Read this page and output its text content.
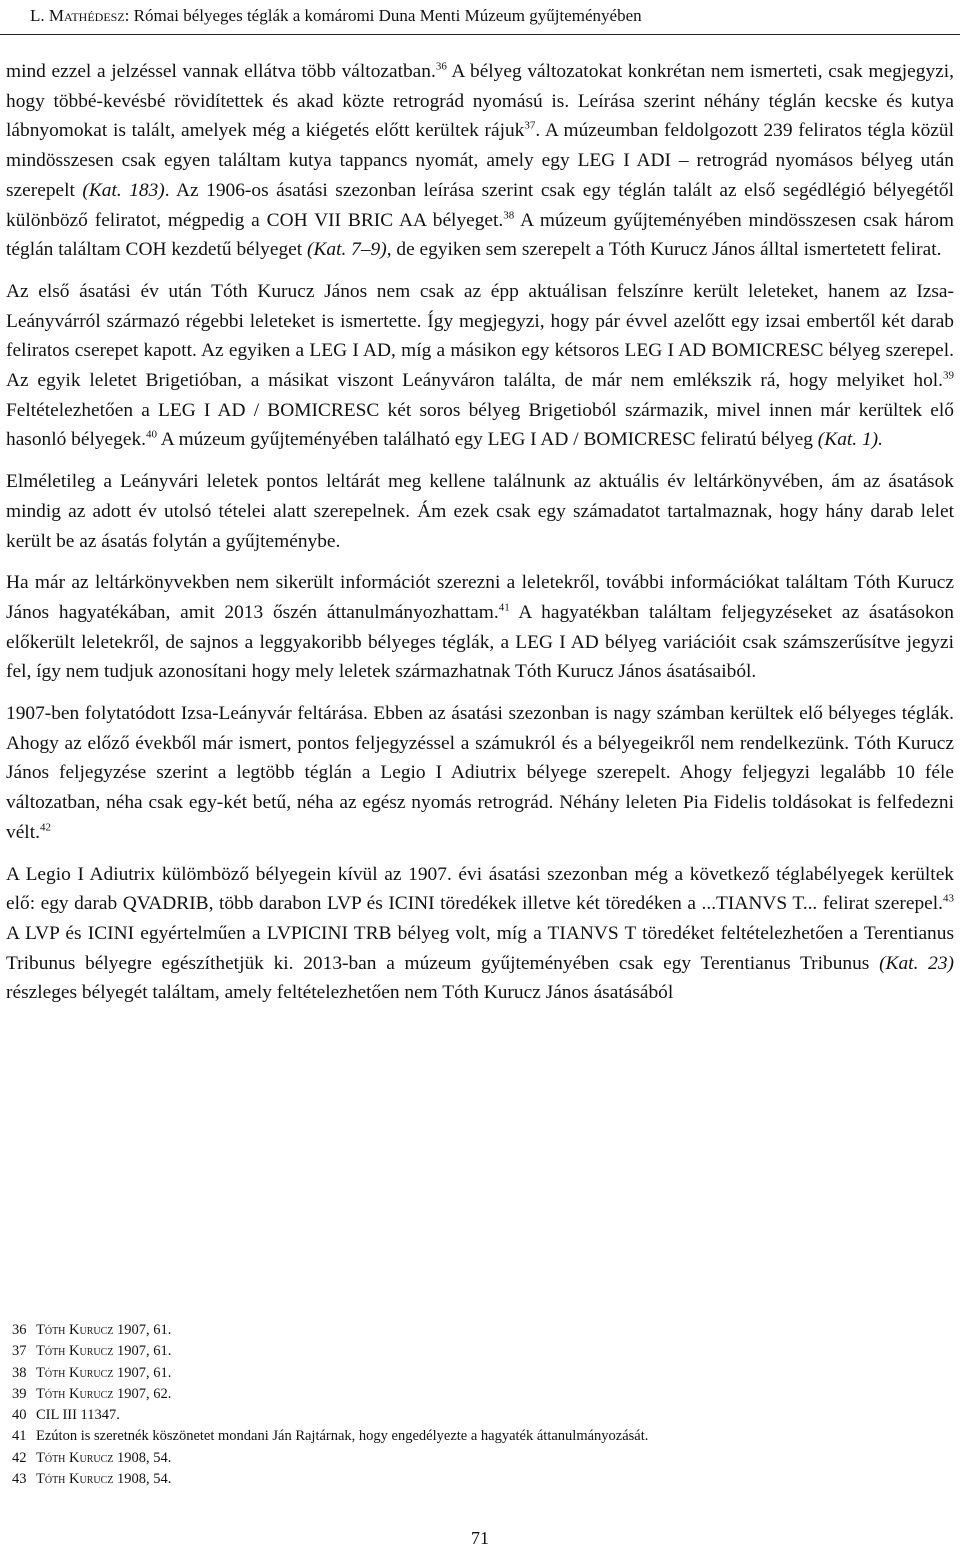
L. Mathédesz: Római bélyeges téglák a komáromi Duna Menti Múzeum gyűjteményében

mind ezzel a jelzéssel vannak ellátva több változatban.$^{36}$ A bélyeg változatokat konkrétan nem ismerteti, csak megjegyzi, hogy többé-kevésbé rövidítettek és akad közte retrográd nyomású is. Leírása szerint néhány téglán kecske és kutya lábnyomokat is talált, amelyek még a kiégetés előtt kerültek rájuk$^{37}$. A múzeumban feldolgozott 239 feliratos tégla közül mindösszesen csak egyen találtam kutya tappancs nyomát, amely egy LEG I ADI – retrográd nyomásos bélyeg után szerepelt (Kat. 183). Az 1906-os ásatási szezonban leírása szerint csak egy téglán talált az első segédlégió bélyegétől különböző feliratot, mégpedig a COH VII BRIC AA bélyeget.$^{38}$ A múzeum gyűjteményében mindösszesen csak három téglán találtam COH kezdetű bélyeget (Kat. 7–9), de egyiken sem szerepelt a Tóth Kurucz János álltal ismertetett felirat.

Az első ásatási év után Tóth Kurucz János nem csak az épp aktuálisan felszínre került leleteket, hanem az Izsa-Leányvárról származó régebbi leleteket is ismertette. Így megjegyzi, hogy pár évvel azelőtt egy izsai embertől két darab feliratos cserepet kapott. Az egyiken a LEG I AD, míg a másikon egy kétsoros LEG I AD BOMICRESC bélyeg szerepel. Az egyik leletet Brigetióban, a másikat viszont Leányváron találta, de már nem emlékszik rá, hogy melyiket hol.$^{39}$ Feltételezhetően a LEG I AD / BOMICRESC két soros bélyeg Brigetioból származik, mivel innen már kerültek elő hasonló bélyegek.$^{40}$ A múzeum gyűjteményében található egy LEG I AD / BOMICRESC feliratú bélyeg (Kat. 1).

Elméletileg a Leányvári leletek pontos leltárát meg kellene találnunk az aktuális év leltárkönyvében, ám az ásatások mindig az adott év utolsó tételei alatt szerepelnek. Ám ezek csak egy számadatot tartalmaznak, hogy hány darab lelet került be az ásatás folytán a gyűjteménybe.

Ha már az leltárkönyvekben nem sikerült információt szerezni a leletekről, további információkat találtam Tóth Kurucz János hagyatékában, amit 2013 őszén áttanulmányozhattam.$^{41}$ A hagyatékban találtam feljegyzéseket az ásatásokon előkerült leletekről, de sajnos a leggyakoribb bélyeges téglák, a LEG I AD bélyeg variációit csak számszerűsítve jegyzi fel, így nem tudjuk azonosítani hogy mely leletek származhatnak Tóth Kurucz János ásatásaiból.

1907-ben folytatódott Izsa-Leányvár feltárása. Ebben az ásatási szezonban is nagy számban kerültek elő bélyeges téglák. Ahogy az előző évekből már ismert, pontos feljegyzéssel a számukról és a bélyegeikről nem rendelkezünk. Tóth Kurucz János feljegyzése szerint a legtöbb téglán a Legio I Adiutrix bélyege szerepelt. Ahogy feljegyzi legalább 10 féle változatban, néha csak egy-két betű, néha az egész nyomás retrográd. Néhány leleten Pia Fidelis toldásokat is felfedezni vélt.$^{42}$

A Legio I Adiutrix külömböző bélyegein kívül az 1907. évi ásatási szezonban még a következő téglabélyegek kerültek elő: egy darab QVADRIB, több darabon LVP és ICINI töredékek illetve két töredéken a ...TIANVS T... felirat szerepel.$^{43}$ A LVP és ICINI egyértelműen a LVPICINI TRB bélyeg volt, míg a TIANVS T töredéket feltételezhetően a Terentianus Tribunus bélyegre egészíthetjük ki. 2013-ban a múzeum gyűjteményében csak egy Terentianus Tribunus (Kat. 23) részleges bélyegét találtam, amely feltételezhetően nem Tóth Kurucz János ásatásából

36 Tóth Kurucz 1907, 61.
37 Tóth Kurucz 1907, 61.
38 Tóth Kurucz 1907, 61.
39 Tóth Kurucz 1907, 62.
40 CIL III 11347.
41 Ezúton is szeretnék köszönetet mondani Ján Rajtárnak, hogy engedélyezte a hagyaték áttanulmányozását.
42 Tóth Kurucz 1908, 54.
43 Tóth Kurucz 1908, 54.
71
